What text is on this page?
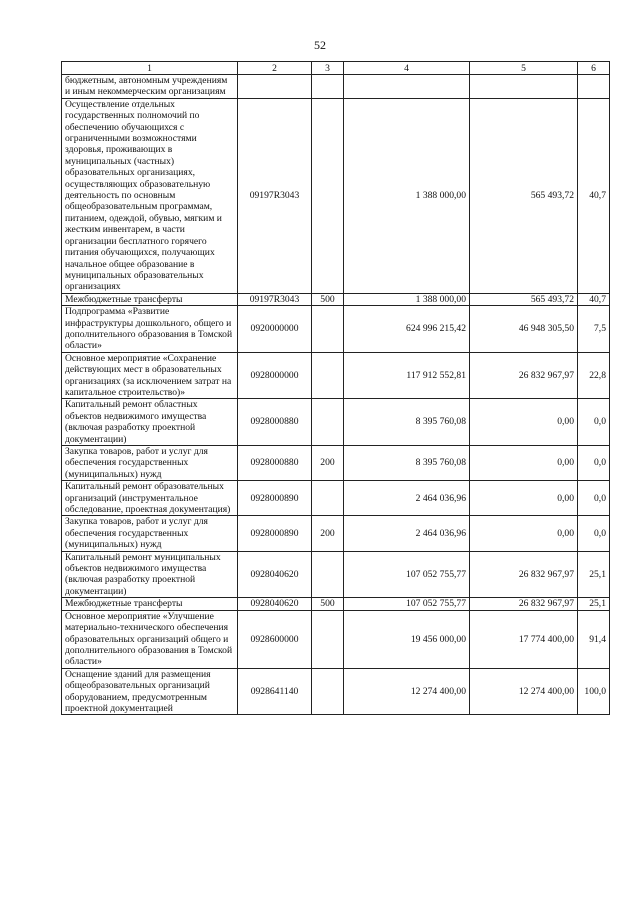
52
1	2	3	4	5	6
бюджетным, автономным учреждениям и иным некоммерческим организациям					
Осуществление отдельных государственных полномочий по обеспечению обучающихся с ограниченными возможностями здоровья, проживающих в муниципальных (частных) образовательных организациях, осуществляющих образовательную деятельность по основным общеобразовательным программам, питанием, одеждой, обувью, мягким и жестким инвентарем, в части организации бесплатного горячего питания обучающихся, получающих начальное общее образование в муниципальных образовательных организациях	09197R3043		1 388 000,00	565 493,72	40,7
Межбюджетные трансферты	09197R3043	500	1 388 000,00	565 493,72	40,7
Подпрограмма «Развитие инфраструктуры дошкольного, общего и дополнительного образования в Томской области»	0920000000		624 996 215,42	46 948 305,50	7,5
Основное мероприятие «Сохранение действующих мест в образовательных организациях (за исключением затрат на капитальное строительство)»	0928000000		117 912 552,81	26 832 967,97	22,8
Капитальный ремонт областных объектов недвижимого имущества (включая разработку проектной документации)	0928000880		8 395 760,08	0,00	0,0
Закупка товаров, работ и услуг для обеспечения государственных (муниципальных) нужд	0928000880	200	8 395 760,08	0,00	0,0
Капитальный ремонт образовательных организаций (инструментальное обследование, проектная документация)	0928000890		2 464 036,96	0,00	0,0
Закупка товаров, работ и услуг для обеспечения государственных (муниципальных) нужд	0928000890	200	2 464 036,96	0,00	0,0
Капитальный ремонт муниципальных объектов недвижимого имущества (включая разработку проектной документации)	0928040620		107 052 755,77	26 832 967,97	25,1
Межбюджетные трансферты	0928040620	500	107 052 755,77	26 832 967,97	25,1
Основное мероприятие «Улучшение материально-технического обеспечения образовательных организаций общего и дополнительного образования в Томской области»	0928600000		19 456 000,00	17 774 400,00	91,4
Оснащение зданий для размещения общеобразовательных организаций оборудованием, предусмотренным проектной документацией	0928641140		12 274 400,00	12 274 400,00	100,0
